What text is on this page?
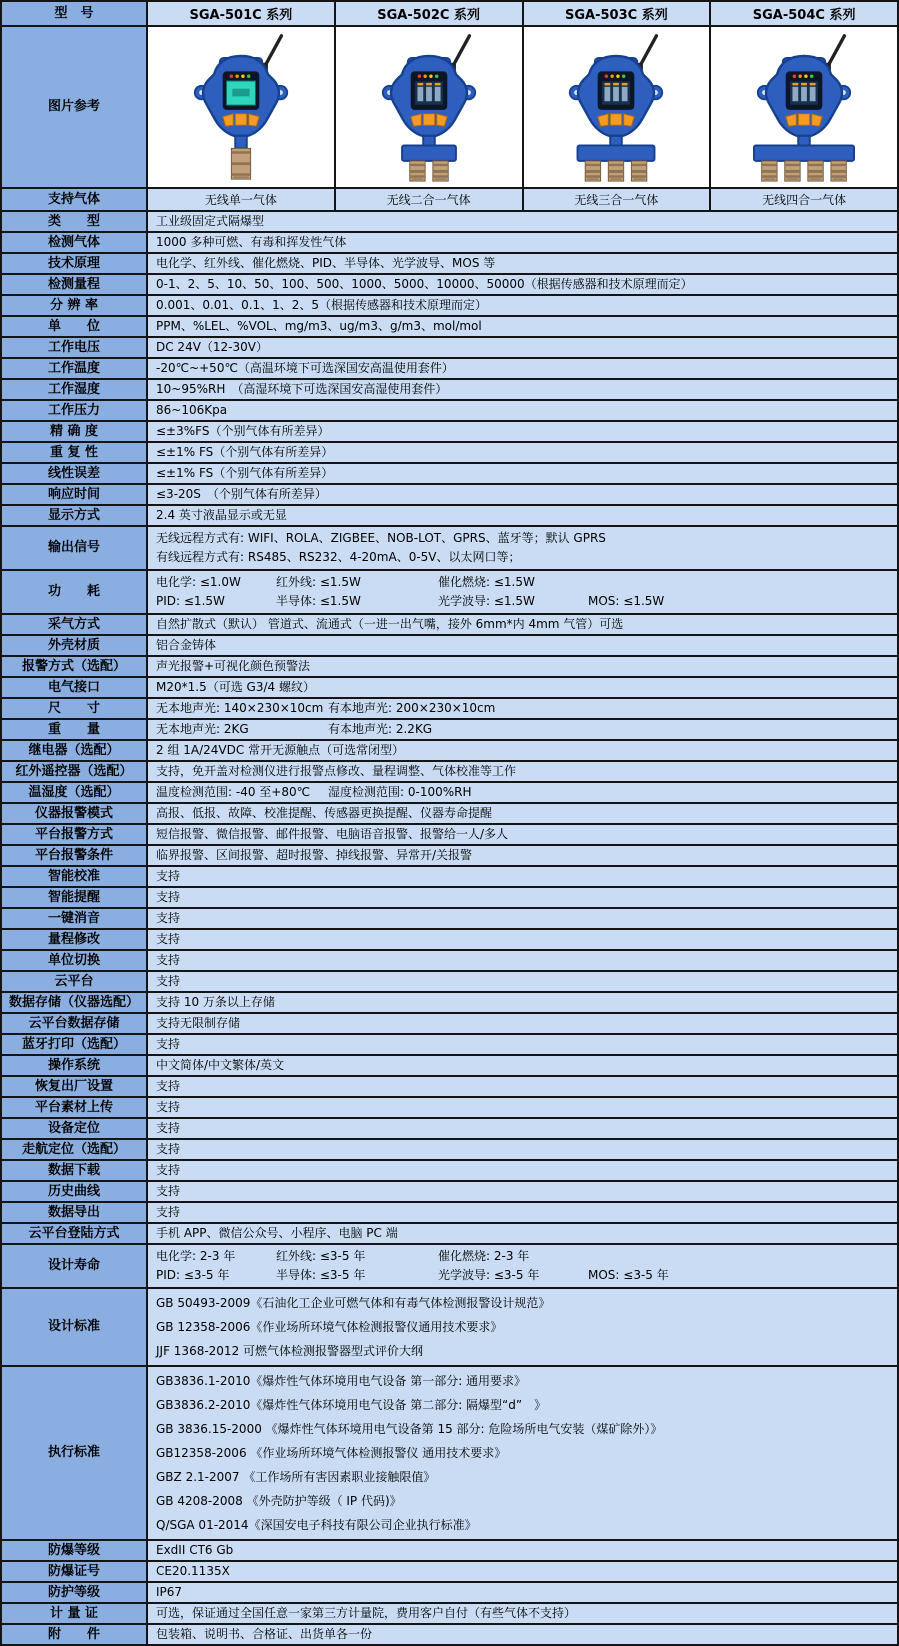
型　号	SGA-501C 系列	SGA-502C 系列	SGA-503C 系列	SGA-504C 系列
图片参考
支持气体	无线单一气体	无线二合一气体	无线三合一气体	无线四合一气体
类　　型	工业级固定式隔爆型
检测气体	1000 多种可燃、有毒和挥发性气体
技术原理	电化学、红外线、催化燃烧、PID、半导体、光学波导、MOS 等
检测量程	0-1、2、5、10、50、100、500、1000、5000、10000、50000（根据传感器和技术原理而定）
分 辨 率	0.001、0.01、0.1、1、2、5（根据传感器和技术原理而定）
单　　位	PPM、%LEL、%VOL、mg/m3、ug/m3、g/m3、mol/mol
工作电压	DC 24V（12-30V）
工作温度	-20℃~+50℃（高温环境下可选深国安高温使用套件）
工作湿度	10~95%RH　（高湿环境下可选深国安高湿使用套件）
工作压力	86~106Kpa
精 确 度	≤±3%FS（个别气体有所差异）
重 复 性	≤±1% FS（个别气体有所差异）
线性误差	≤±1% FS（个别气体有所差异）
响应时间	≤3-20S　（个别气体有所差异）
显示方式	2.4 英寸液晶显示或无显
输出信号
无线远程方式有: WIFI、ROLA、ZIGBEE、NOB-LOT、GPRS、蓝牙等；默认 GPRS
有线远程方式有: RS485、RS232、4-20mA、0-5V、以太网口等；
功　　耗
电化学: ≤1.0W	红外线: ≤1.5W	催化燃烧: ≤1.5W
PID: ≤1.5W	半导体: ≤1.5W	光学波导: ≤1.5W	MOS: ≤1.5W
采气方式	自然扩散式（默认） 管道式、流通式（一进一出气嘴，接外 6mm*内 4mm 气管）可选
外壳材质	铝合金铸体
报警方式（选配）	声光报警+可视化颜色预警法
电气接口	M20*1.5（可选 G3/4 螺纹）
尺　　寸	无本地声光: 140×230×10cm 有本地声光: 200×230×10cm
重　　量	无本地声光: 2KG	有本地声光: 2.2KG
继电器（选配）	2 组 1A/24VDC 常开无源触点（可选常闭型）
红外遥控器（选配）	支持，免开盖对检测仪进行报警点修改、量程调整、气体校准等工作
温湿度（选配）	温度检测范围: -40 至+80℃	湿度检测范围: 0-100%RH
仪器报警模式	高报、低报、故障、校准提醒、传感器更换提醒、仪器寿命提醒
平台报警方式	短信报警、微信报警、邮件报警、电脑语音报警、报警给一人/多人
平台报警条件	临界报警、区间报警、超时报警、掉线报警、异常开/关报警
智能校准	支持
智能提醒	支持
一键消音	支持
量程修改	支持
单位切换	支持
云平台	支持
数据存储（仪器选配）	支持 10 万条以上存储
云平台数据存储	支持无限制存储
蓝牙打印（选配）	支持
操作系统	中文简体/中文繁体/英文
恢复出厂设置	支持
平台素材上传	支持
设备定位	支持
走航定位（选配）	支持
数据下载	支持
历史曲线	支持
数据导出	支持
云平台登陆方式	手机 APP、微信公众号、小程序、电脑 PC 端
设计寿命
电化学: 2-3 年	红外线: ≤3-5 年	催化燃烧: 2-3 年
PID: ≤3-5 年	半导体: ≤3-5 年	光学波导: ≤3-5 年	MOS: ≤3-5 年
设计标准
GB 50493-2009《石油化工企业可燃气体和有毒气体检测报警设计规范》
GB 12358-2006《作业场所环境气体检测报警仪通用技术要求》
JJF 1368-2012 可燃气体检测报警器型式评价大纲
执行标准
GB3836.1-2010《爆炸性气体环境用电气设备 第一部分: 通用要求》
GB3836.2-2010《爆炸性气体环境用电气设备 第二部分: 隔爆型“d”　》
GB 3836.15-2000 《爆炸性气体环境用电气设备第 15 部分: 危险场所电气安装（煤矿除外）》
GB12358-2006 《作业场所环境气体检测报警仪 通用技术要求》
GBZ 2.1-2007 《工作场所有害因素职业接触限值》
GB 4208-2008 《外壳防护等级（ IP 代码)》
Q/SGA 01-2014《深国安电子科技有限公司企业执行标准》
防爆等级	ExdII CT6 Gb
防爆证号	CE20.1135X
防护等级	IP67
计 量 证	可选，保证通过全国任意一家第三方计量院，费用客户自付（有些气体不支持）
附　　件	包装箱、说明书、合格证、出货单各一份
